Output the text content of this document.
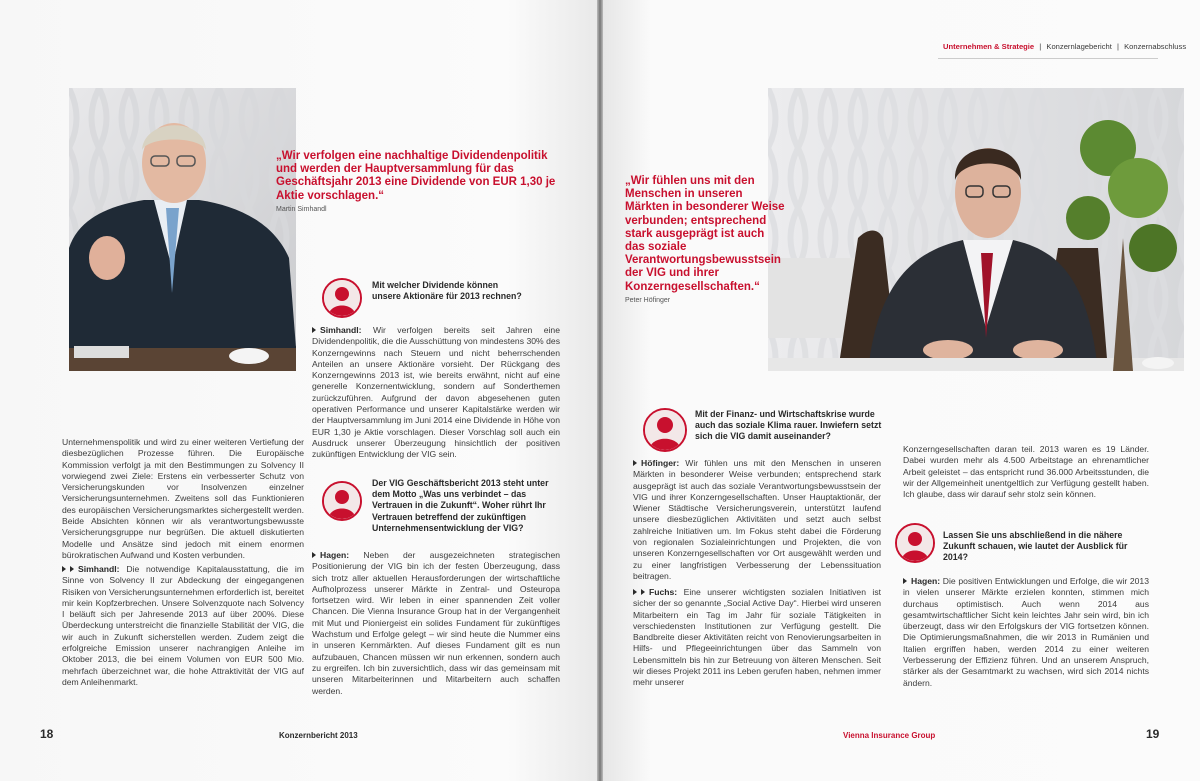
„Wir verfolgen eine nachhaltige Dividendenpolitik und werden der Hauptversammlung für das Geschäftsjahr 2013 eine Dividende von EUR 1,30 je Aktie vorschlagen.“
Martin Simhandl
Mit welcher Dividende können unsere Aktionäre für 2013 rechnen?
Simhandl: Wir verfolgen bereits seit Jahren eine Dividendenpolitik, die die Ausschüttung von mindestens 30% des Konzerngewinns nach Steuern und nicht beherrschenden Anteilen an unsere Aktionäre vorsieht. Der Rückgang des Konzerngewinns 2013 ist, wie bereits erwähnt, nicht auf eine generelle Konzernentwicklung, sondern auf Sonderthemen zurückzuführen. Aufgrund der davon abgesehenen guten operativen Performance und unserer Kapitalstärke werden wir der Hauptversammlung im Juni 2014 eine Dividende in Höhe von EUR 1,30 je Aktie vorschlagen. Dieser Vorschlag soll auch ein Ausdruck unserer Überzeugung hinsichtlich der positiven zukünftigen Entwicklung der VIG sein.
Unternehmenspolitik und wird zu einer weiteren Vertiefung der diesbezüglichen Prozesse führen. Die Europäische Kommission verfolgt ja mit den Bestimmungen zu Solvency II vorwiegend zwei Ziele: Erstens ein verbesserter Schutz von Versicherungskunden vor Insolvenzen einzelner Versicherungsunternehmen. Zweitens soll das Funktionieren des europäischen Versicherungsmarktes sichergestellt werden. Beide Absichten können wir als verantwortungsbewusste Versicherungsgruppe nur begrüßen. Die aktuell diskutierten Modelle und Ansätze sind jedoch mit einem enormen bürokratischen Aufwand und Kosten verbunden.
Simhandl: Die notwendige Kapitalausstattung, die im Sinne von Solvency II zur Abdeckung der eingegangenen Risiken von Versicherungsunternehmen erforderlich ist, bereitet mir kein Kopfzerbrechen. Unsere Solvenzquote nach Solvency I beläuft sich per Jahresende 2013 auf über 200%. Diese Überdeckung unterstreicht die finanzielle Stabilität der VIG, die wir auch in Zukunft sicherstellen werden. Zudem zeigt die erfolgreiche Emission unserer nachrangigen Anleihe im Oktober 2013, die bei einem Volumen von EUR 500 Mio. mehrfach überzeichnet war, die hohe Attraktivität der VIG auf dem Anleihenmarkt.
Der VIG Geschäftsbericht 2013 steht unter dem Motto „Was uns verbindet – das Vertrauen in die Zukunft“. Woher rührt Ihr Vertrauen betreffend der zukünftigen Unternehmensentwicklung der VIG?
Hagen: Neben der ausgezeichneten strategischen Positionierung der VIG bin ich der festen Überzeugung, dass sich trotz aller aktuellen Herausforderungen der wirtschaftliche Aufholprozess unserer Märkte in Zentral- und Osteuropa fortsetzen wird. Wir leben in einer spannenden Zeit voller Chancen. Die Vienna Insurance Group hat in der Vergangenheit mit Mut und Pioniergeist ein solides Fundament für zukünftiges Wachstum und Erfolge gelegt – wir sind heute die Nummer eins in unseren Kernmärkten. Auf dieses Fundament gilt es nun aufzubauen, Chancen müssen wir nun erkennen, sondern auch zu ergreifen. Ich bin zuversichtlich, dass wir das gemeinsam mit unseren Mitarbeiterinnen und Mitarbeitern auch schaffen werden.
18	Konzernbericht 2013
Unternehmen & Strategie | Konzernlagebericht | Konzernabschluss
„Wir fühlen uns mit den Menschen in unseren Märkten in besonderer Weise verbunden; entsprechend stark ausgeprägt ist auch das soziale Verantwortungsbewusstsein der VIG und ihrer Konzerngesellschaften.“
Peter Höfinger
Mit der Finanz- und Wirtschaftskrise wurde auch das soziale Klima rauer. Inwiefern setzt sich die VIG damit auseinander?
Höfinger: Wir fühlen uns mit den Menschen in unseren Märkten in besonderer Weise verbunden; entsprechend stark ausgeprägt ist auch das soziale Verantwortungsbewusstsein der VIG und ihrer Konzerngesellschaften. Unser Hauptaktionär, der Wiener Städtische Versicherungsverein, unterstützt laufend unsere diesbezüglichen Aktivitäten und setzt auch selbst zahlreiche Initiativen um. Im Fokus steht dabei die Förderung von regionalen Sozialeinrichtungen und Projekten, die von unseren Konzerngesellschaften vor Ort ausgewählt werden und zu einer langfristigen Verbesserung der Lebenssituation beitragen.
Fuchs: Eine unserer wichtigsten sozialen Initiativen ist sicher der so genannte „Social Active Day“. Hierbei wird unseren Mitarbeitern ein Tag im Jahr für soziale Tätigkeiten in verschiedensten Institutionen zur Verfügung gestellt. Die Bandbreite dieser Aktivitäten reicht von Renovierungsarbeiten in Hilfs- und Pflegeeinrichtungen über das Sammeln von Lebensmitteln bis hin zur Betreuung von älteren Menschen. Seit wir dieses Projekt 2011 ins Leben gerufen haben, nehmen immer mehr unserer
Konzerngesellschaften daran teil. 2013 waren es 19 Länder. Dabei wurden mehr als 4.500 Arbeitstage an ehrenamtlicher Arbeit geleistet – das entspricht rund 36.000 Arbeitsstunden, die wir der Allgemeinheit unentgeltlich zur Verfügung gestellt haben. Ich glaube, dass wir darauf sehr stolz sein können.
Lassen Sie uns abschließend in die nähere Zukunft schauen, wie lautet der Ausblick für 2014?
Hagen: Die positiven Entwicklungen und Erfolge, die wir 2013 in vielen unserer Märkte erzielen konnten, stimmen mich durchaus optimistisch. Auch wenn 2014 aus gesamtwirtschaftlicher Sicht kein leichtes Jahr sein wird, bin ich überzeugt, dass wir den Erfolgskurs der VIG fortsetzen können. Die Optimierungsmaßnahmen, die wir 2013 in Rumänien und Italien ergriffen haben, werden 2014 zu einer weiteren Verbesserung der Effizienz führen. Und an unserem Anspruch, stärker als der Gesamtmarkt zu wachsen, wird sich 2014 nichts ändern.
Vienna Insurance Group	19
